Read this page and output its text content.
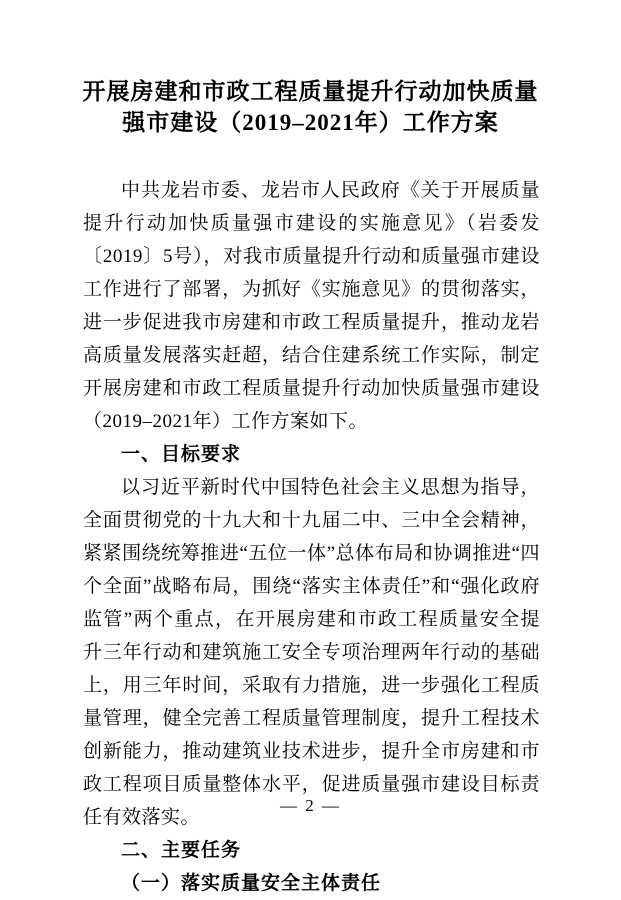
开展房建和市政工程质量提升行动加快质量
强市建设（2019–2021年）工作方案

中共龙岩市委、龙岩市人民政府《关于开展质量提升行动加快质量强市建设的实施意见》（岩委发〔2019〕5号），对我市质量提升行动和质量强市建设工作进行了部署，为抓好《实施意见》的贯彻落实，进一步促进我市房建和市政工程质量提升，推动龙岩高质量发展落实赶超，结合住建系统工作实际，制定开展房建和市政工程质量提升行动加快质量强市建设（2019–2021年）工作方案如下。

一、目标要求

以习近平新时代中国特色社会主义思想为指导，全面贯彻党的十九大和十九届二中、三中全会精神，紧紧围绕统筹推进“五位一体”总体布局和协调推进“四个全面”战略布局，围绕“落实主体责任”和“强化政府监管”两个重点，在开展房建和市政工程质量安全提升三年行动和建筑施工安全专项治理两年行动的基础上，用三年时间，采取有力措施，进一步强化工程质量管理，健全完善工程质量管理制度，提升工程技术创新能力，推动建筑业技术进步，提升全市房建和市政工程项目质量整体水平，促进质量强市建设目标责任有效落实。

二、主要任务
（一）落实质量安全主体责任
— 2 —
